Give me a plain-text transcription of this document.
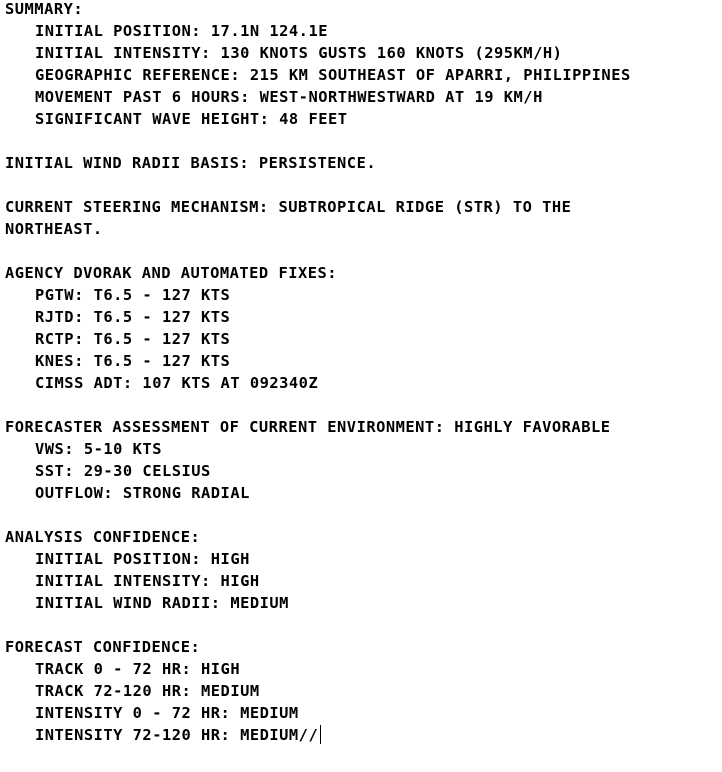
SUMMARY:
INITIAL POSITION: 17.1N 124.1E
INITIAL INTENSITY: 130 KNOTS GUSTS 160 KNOTS (295KM/H)
GEOGRAPHIC REFERENCE: 215 KM SOUTHEAST OF APARRI, PHILIPPINES
MOVEMENT PAST 6 HOURS: WEST-NORTHWESTWARD AT 19 KM/H
SIGNIFICANT WAVE HEIGHT: 48 FEET
INITIAL WIND RADII BASIS: PERSISTENCE.
CURRENT STEERING MECHANISM: SUBTROPICAL RIDGE (STR) TO THE
NORTHEAST.
AGENCY DVORAK AND AUTOMATED FIXES:
PGTW: T6.5 - 127 KTS
RJTD: T6.5 - 127 KTS
RCTP: T6.5 - 127 KTS
KNES: T6.5 - 127 KTS
CIMSS ADT: 107 KTS AT 092340Z
FORECASTER ASSESSMENT OF CURRENT ENVIRONMENT: HIGHLY FAVORABLE
VWS: 5-10 KTS
SST: 29-30 CELSIUS
OUTFLOW: STRONG RADIAL
ANALYSIS CONFIDENCE:
INITIAL POSITION: HIGH
INITIAL INTENSITY: HIGH
INITIAL WIND RADII: MEDIUM
FORECAST CONFIDENCE:
TRACK 0 - 72 HR: HIGH
TRACK 72-120 HR: MEDIUM
INTENSITY 0 - 72 HR: MEDIUM
INTENSITY 72-120 HR: MEDIUM//
